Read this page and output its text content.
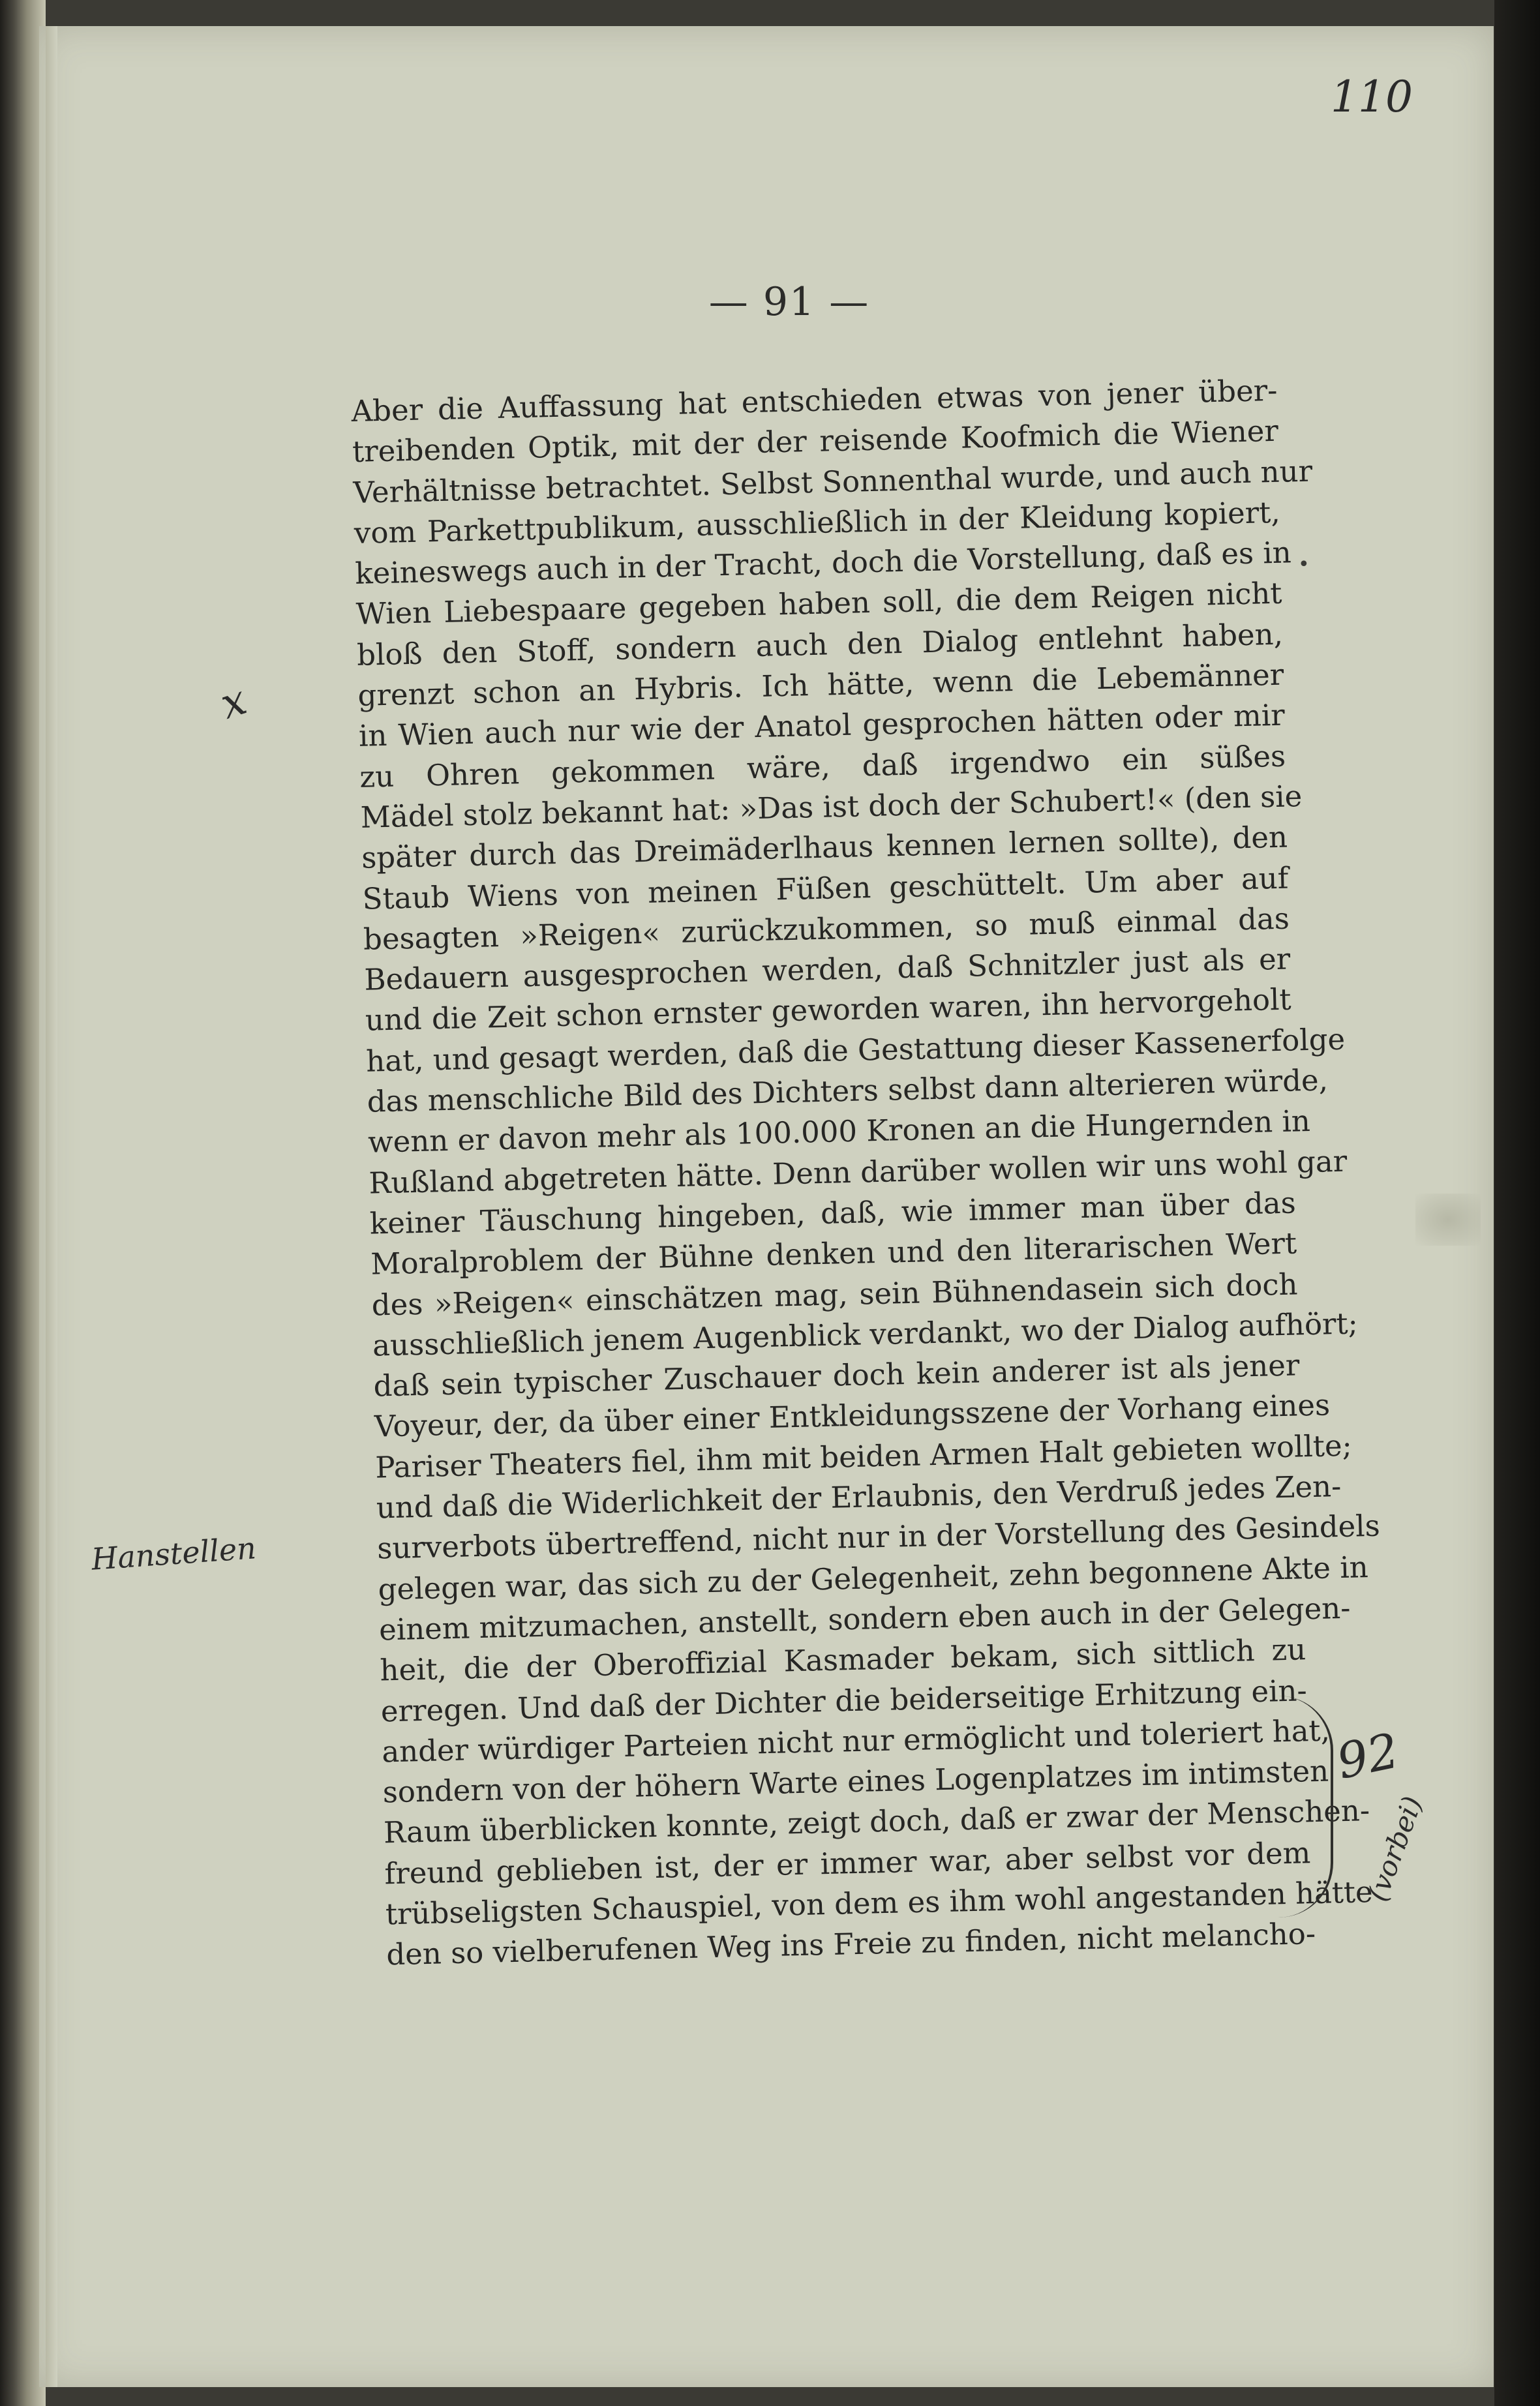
110
— 91 —
•
Aber die Auffassung hat entschieden etwas von jener über-
treibenden Optik, mit der der reisende Koofmich die Wiener
Verhältnisse betrachtet. Selbst Sonnenthal wurde, und auch nur
vom Parkettpublikum, ausschließlich in der Kleidung kopiert,
keineswegs auch in der Tracht, doch die Vorstellung, daß es in
Wien Liebespaare gegeben haben soll, die dem Reigen nicht
bloß den Stoff, sondern auch den Dialog entlehnt haben,
grenzt schon an Hybris. Ich hätte, wenn die Lebemänner
in Wien auch nur wie der Anatol gesprochen hätten oder mir
zu Ohren gekommen wäre, daß irgendwo ein süßes
Mädel stolz bekannt hat: »Das ist doch der Schubert!« (den sie
später durch das Dreimäderlhaus kennen lernen sollte), den
Staub Wiens von meinen Füßen geschüttelt. Um aber auf
besagten »Reigen« zurückzukommen, so muß einmal das
Bedauern ausgesprochen werden, daß Schnitzler just als er
und die Zeit schon ernster geworden waren, ihn hervorgeholt
hat, und gesagt werden, daß die Gestattung dieser Kassenerfolge
das menschliche Bild des Dichters selbst dann alterieren würde,
wenn er davon mehr als 100.000 Kronen an die Hungernden in
Rußland abgetreten hätte. Denn darüber wollen wir uns wohl gar
keiner Täuschung hingeben, daß, wie immer man über das
Moralproblem der Bühne denken und den literarischen Wert
des »Reigen« einschätzen mag, sein Bühnendasein sich doch
ausschließlich jenem Augenblick verdankt, wo der Dialog aufhört;
daß sein typischer Zuschauer doch kein anderer ist als jener
Voyeur, der, da über einer Entkleidungsszene der Vorhang eines
Pariser Theaters fiel, ihm mit beiden Armen Halt gebieten wollte;
und daß die Widerlichkeit der Erlaubnis, den Verdruß jedes Zen-
surverbots übertreffend, nicht nur in der Vorstellung des Gesindels
gelegen war, das sich zu der Gelegenheit, zehn begonnene Akte in
einem mitzumachen, anstellt, sondern eben auch in der Gelegen-
heit, die der Oberoffizial Kasmader bekam, sich sittlich zu
erregen. Und daß der Dichter die beiderseitige Erhitzung ein-
ander würdiger Parteien nicht nur ermöglicht und toleriert hat,
sondern von der höhern Warte eines Logenplatzes im intimsten
Raum überblicken konnte, zeigt doch, daß er zwar der Menschen-
freund geblieben ist, der er immer war, aber selbst vor dem
trübseligsten Schauspiel, von dem es ihm wohl angestanden hätte
den so vielberufenen Weg ins Freie zu finden, nicht melancho-
x
Hanstellen
92
(vorbei)
